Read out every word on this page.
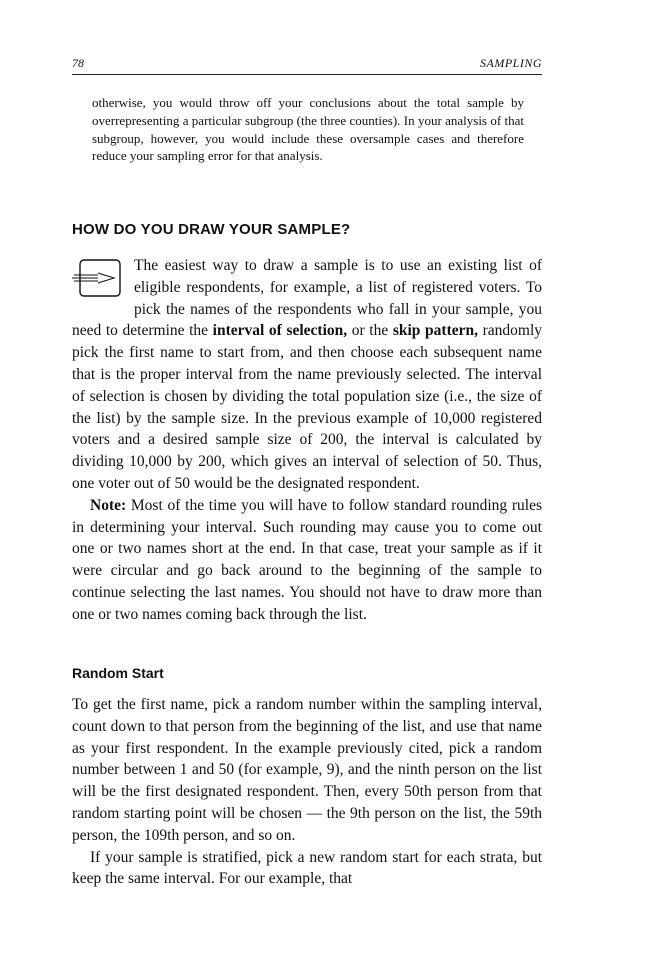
78	SAMPLING
otherwise, you would throw off your conclusions about the total sample by overrepresenting a particular subgroup (the three counties). In your analysis of that subgroup, however, you would include these oversample cases and therefore reduce your sampling error for that analysis.
HOW DO YOU DRAW YOUR SAMPLE?

The easiest way to draw a sample is to use an existing list of eligible respondents, for example, a list of registered voters. To pick the names of the respondents who fall in your sample, you need to determine the interval of selection, or the skip pattern, randomly pick the first name to start from, and then choose each subsequent name that is the proper interval from the name previously selected. The interval of selection is chosen by dividing the total population size (i.e., the size of the list) by the sample size. In the previous example of 10,000 registered voters and a desired sample size of 200, the interval is calculated by dividing 10,000 by 200, which gives an interval of selection of 50. Thus, one voter out of 50 would be the designated respondent.

Note: Most of the time you will have to follow standard rounding rules in determining your interval. Such rounding may cause you to come out one or two names short at the end. In that case, treat your sample as if it were circular and go back around to the beginning of the sample to continue selecting the last names. You should not have to draw more than one or two names coming back through the list.

Random Start

To get the first name, pick a random number within the sampling interval, count down to that person from the beginning of the list, and use that name as your first respondent. In the example previously cited, pick a random number between 1 and 50 (for example, 9), and the ninth person on the list will be the first designated respondent. Then, every 50th person from that random starting point will be chosen — the 9th person on the list, the 59th person, the 109th person, and so on.

If your sample is stratified, pick a new random start for each strata, but keep the same interval. For our example, that
